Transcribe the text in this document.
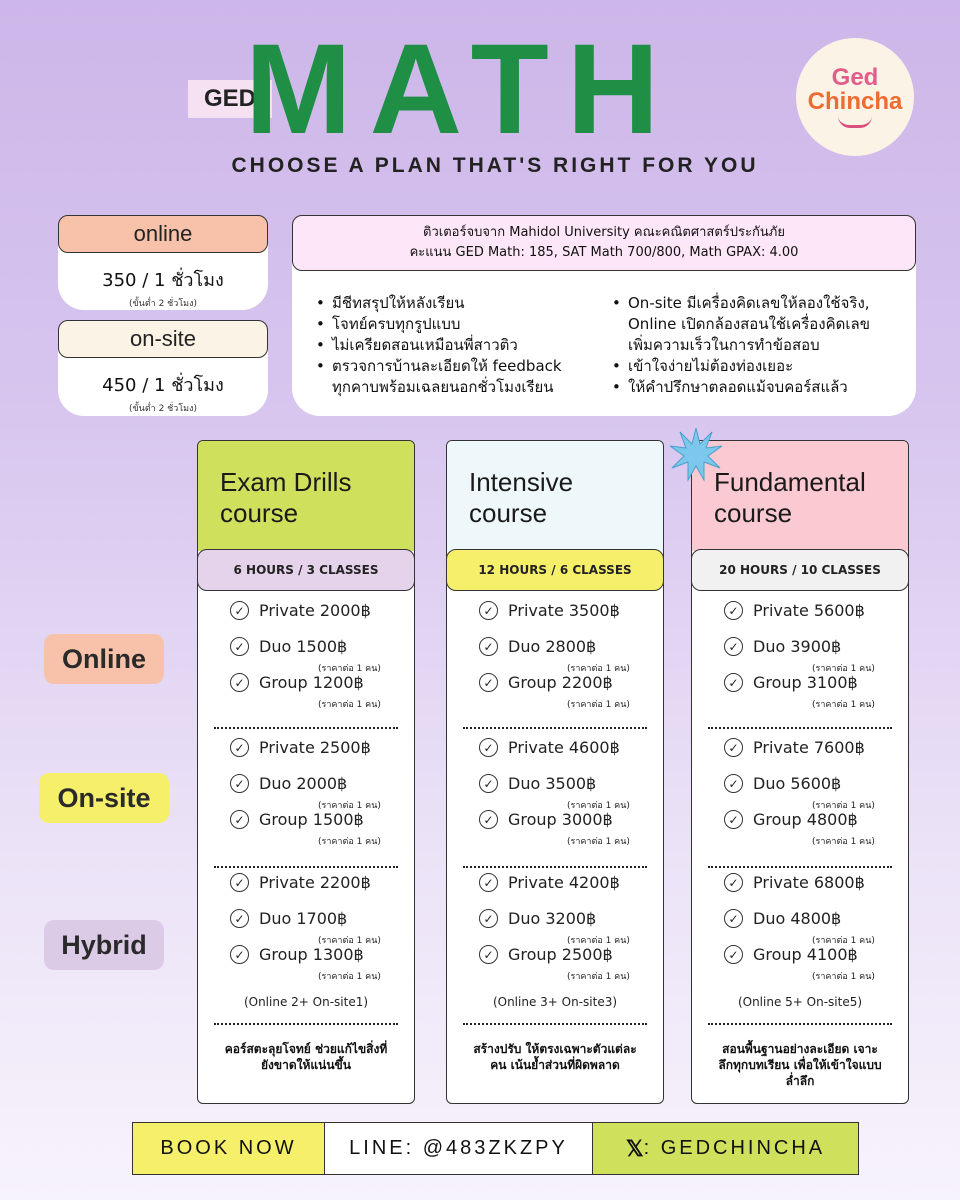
GED
MATH
CHOOSE A PLAN THAT'S RIGHT FOR YOU
Ged
Chincha
online
350 / 1 ชั่วโมง
(ขั้นต่ำ 2 ชั่วโมง)
on-site
450 / 1 ชั่วโมง
(ขั้นต่ำ 2 ชั่วโมง)
ติวเตอร์จบจาก Mahidol University คณะคณิตศาสตร์ประกันภัย
คะแนน GED Math: 185, SAT Math 700/800, Math GPAX: 4.00
• มีชีทสรุปให้หลังเรียน
• โจทย์ครบทุกรูปแบบ
• ไม่เครียดสอนเหมือนพี่สาวติว
• ตรวจการบ้านละเอียดให้ feedback
ทุกคาบพร้อมเฉลยนอกชั่วโมงเรียน
• On-site มีเครื่องคิดเลขให้ลองใช้จริง,
Online เปิดกล้องสอนใช้เครื่องคิดเลข
เพิ่มความเร็วในการทำข้อสอบ
• เข้าใจง่ายไม่ต้องท่องเยอะ
• ให้คำปรึกษาตลอดแม้จบคอร์สแล้ว
Online
On-site
Hybrid
Exam Drills
course
6 HOURS / 3 CLASSES
✓ Private 2000฿
✓ Duo 1500฿
(ราคาต่อ 1 คน)
✓ Group 1200฿
(ราคาต่อ 1 คน)
✓ Private 2500฿
✓ Duo 2000฿
(ราคาต่อ 1 คน)
✓ Group 1500฿
(ราคาต่อ 1 คน)
✓ Private 2200฿
✓ Duo 1700฿
(ราคาต่อ 1 คน)
✓ Group 1300฿
(ราคาต่อ 1 คน)
(Online 2+ On-site1)
คอร์สตะลุยโจทย์ ช่วยแก้ไขสิ่งที่
ยังขาดให้แน่นขึ้น
Intensive
course
12 HOURS / 6 CLASSES
✓ Private 3500฿
✓ Duo 2800฿
(ราคาต่อ 1 คน)
✓ Group 2200฿
(ราคาต่อ 1 คน)
✓ Private 4600฿
✓ Duo 3500฿
(ราคาต่อ 1 คน)
✓ Group 3000฿
(ราคาต่อ 1 คน)
✓ Private 4200฿
✓ Duo 3200฿
(ราคาต่อ 1 คน)
✓ Group 2500฿
(ราคาต่อ 1 คน)
(Online 3+ On-site3)
สร้างปรับ ให้ตรงเฉพาะตัวแต่ละ
คน เน้นย้ำส่วนที่ผิดพลาด
Fundamental
course
20 HOURS / 10 CLASSES
✓ Private 5600฿
✓ Duo 3900฿
(ราคาต่อ 1 คน)
✓ Group 3100฿
(ราคาต่อ 1 คน)
✓ Private 7600฿
✓ Duo 5600฿
(ราคาต่อ 1 คน)
✓ Group 4800฿
(ราคาต่อ 1 คน)
✓ Private 6800฿
✓ Duo 4800฿
(ราคาต่อ 1 คน)
✓ Group 4100฿
(ราคาต่อ 1 คน)
(Online 5+ On-site5)
สอนพื้นฐานอย่างละเอียด เจาะ
ลึกทุกบทเรียน เพื่อให้เข้าใจแบบ
ล่ำลึก
BOOK NOW	LINE: @483ZKZPY	𝕏 : GEDCHINCHA
